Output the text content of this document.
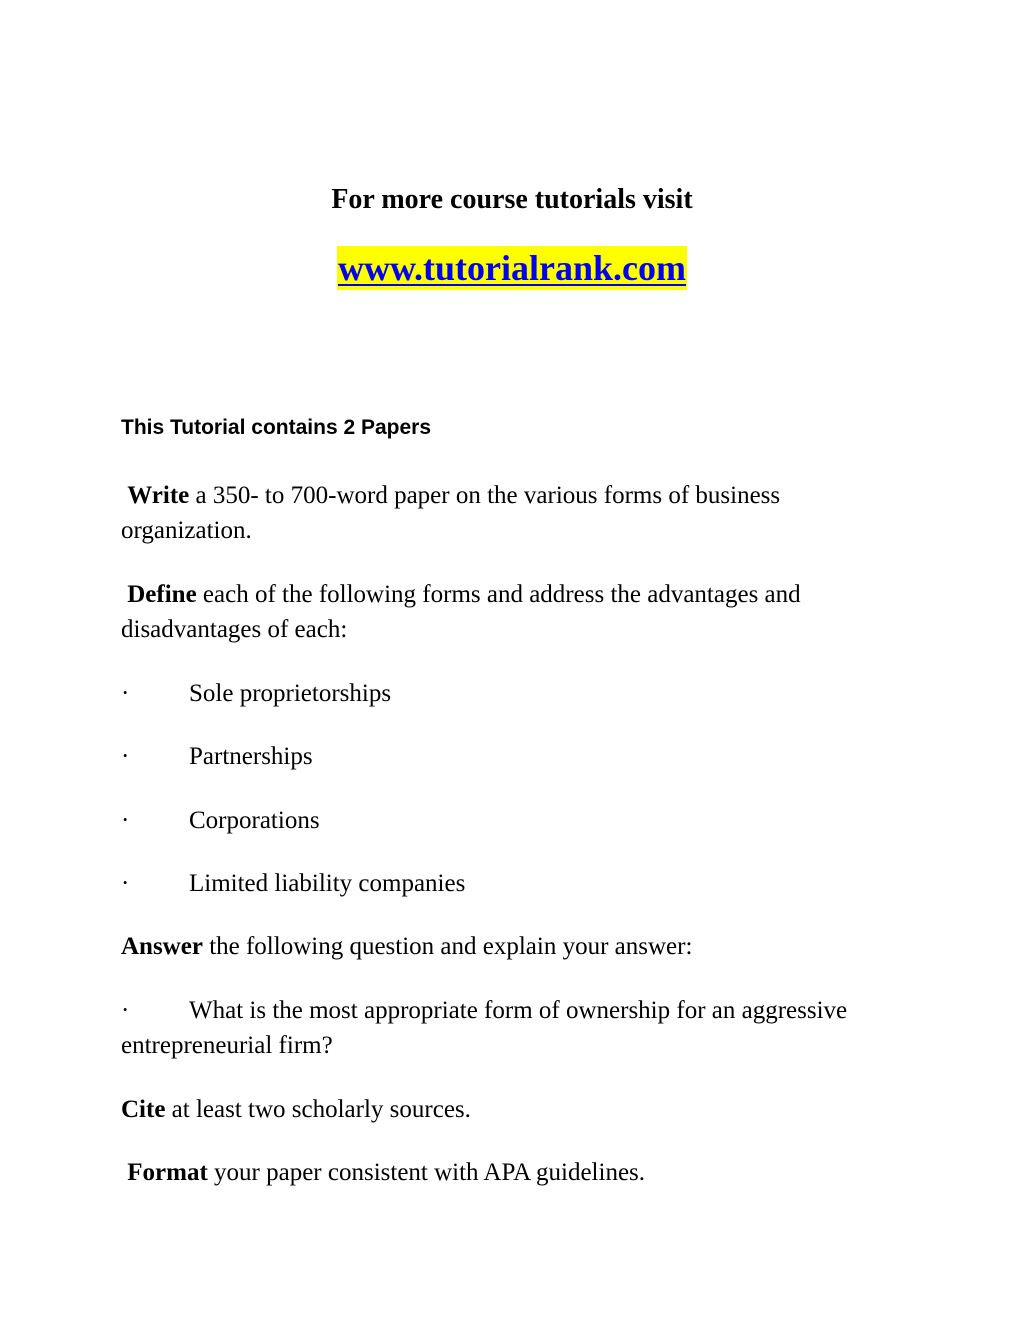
For more course tutorials visit
www.tutorialrank.com
This Tutorial contains 2 Papers
Write a 350- to 700-word paper on the various forms of business organization.
Define each of the following forms and address the advantages and disadvantages of each:
· Sole proprietorships
· Partnerships
· Corporations
· Limited liability companies
Answer the following question and explain your answer:
· What is the most appropriate form of ownership for an aggressive entrepreneurial firm?
Cite at least two scholarly sources.
Format your paper consistent with APA guidelines.
